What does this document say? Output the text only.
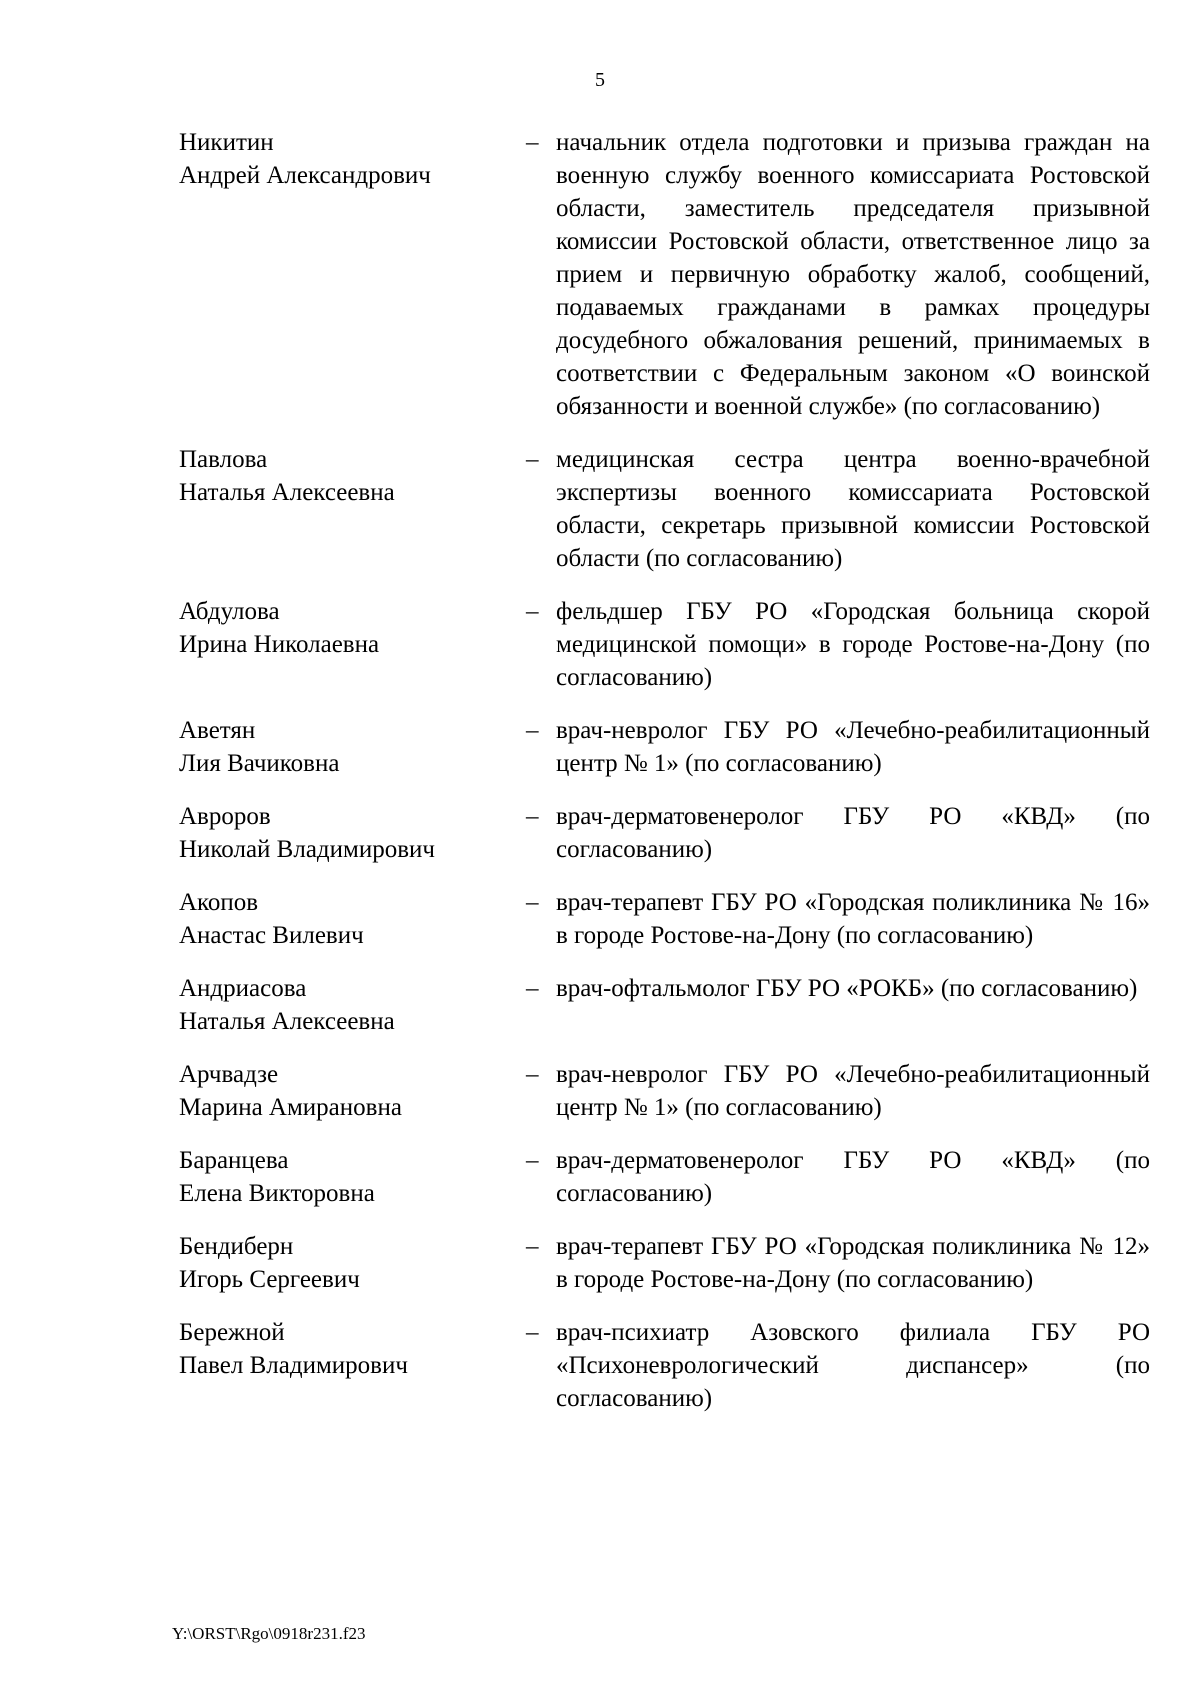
5
Никитин
Андрей Александрович
– начальник отдела подготовки и призыва граждан на военную службу военного комиссариата Ростовской области, заместитель председателя призывной комиссии Ростовской области, ответственное лицо за прием и первичную обработку жалоб, сообщений, подаваемых гражданами в рамках процедуры досудебного обжалования решений, принимаемых в соответствии с Федеральным законом «О воинской обязанности и военной службе» (по согласованию)
Павлова
Наталья Алексеевна
– медицинская сестра центра военно-врачебной экспертизы военного комиссариата Ростовской области, секретарь призывной комиссии Ростовской области (по согласованию)
Абдулова
Ирина Николаевна
– фельдшер ГБУ РО «Городская больница скорой медицинской помощи» в городе Ростове-на-Дону (по согласованию)
Аветян
Лия Вачиковна
– врач-невролог ГБУ РО «Лечебно-реабилитационный центр № 1» (по согласованию)
Авроров
Николай Владимирович
– врач-дерматовенеролог ГБУ РО «КВД» (по согласованию)
Акопов
Анастас Вилевич
– врач-терапевт ГБУ РО «Городская поликлиника № 16» в городе Ростове-на-Дону (по согласованию)
Андриасова
Наталья Алексеевна
– врач-офтальмолог ГБУ РО «РОКБ» (по согласованию)
Арчвадзе
Марина Амирановна
– врач-невролог ГБУ РО «Лечебно-реабилитационный центр № 1» (по согласованию)
Баранцева
Елена Викторовна
– врач-дерматовенеролог ГБУ РО «КВД» (по согласованию)
Бендиберн
Игорь Сергеевич
– врач-терапевт ГБУ РО «Городская поликлиника № 12» в городе Ростове-на-Дону (по согласованию)
Бережной
Павел Владимирович
– врач-психиатр Азовского филиала ГБУ РО «Психоневрологический диспансер» (по согласованию)
Y:\ORST\Rgo\0918r231.f23
